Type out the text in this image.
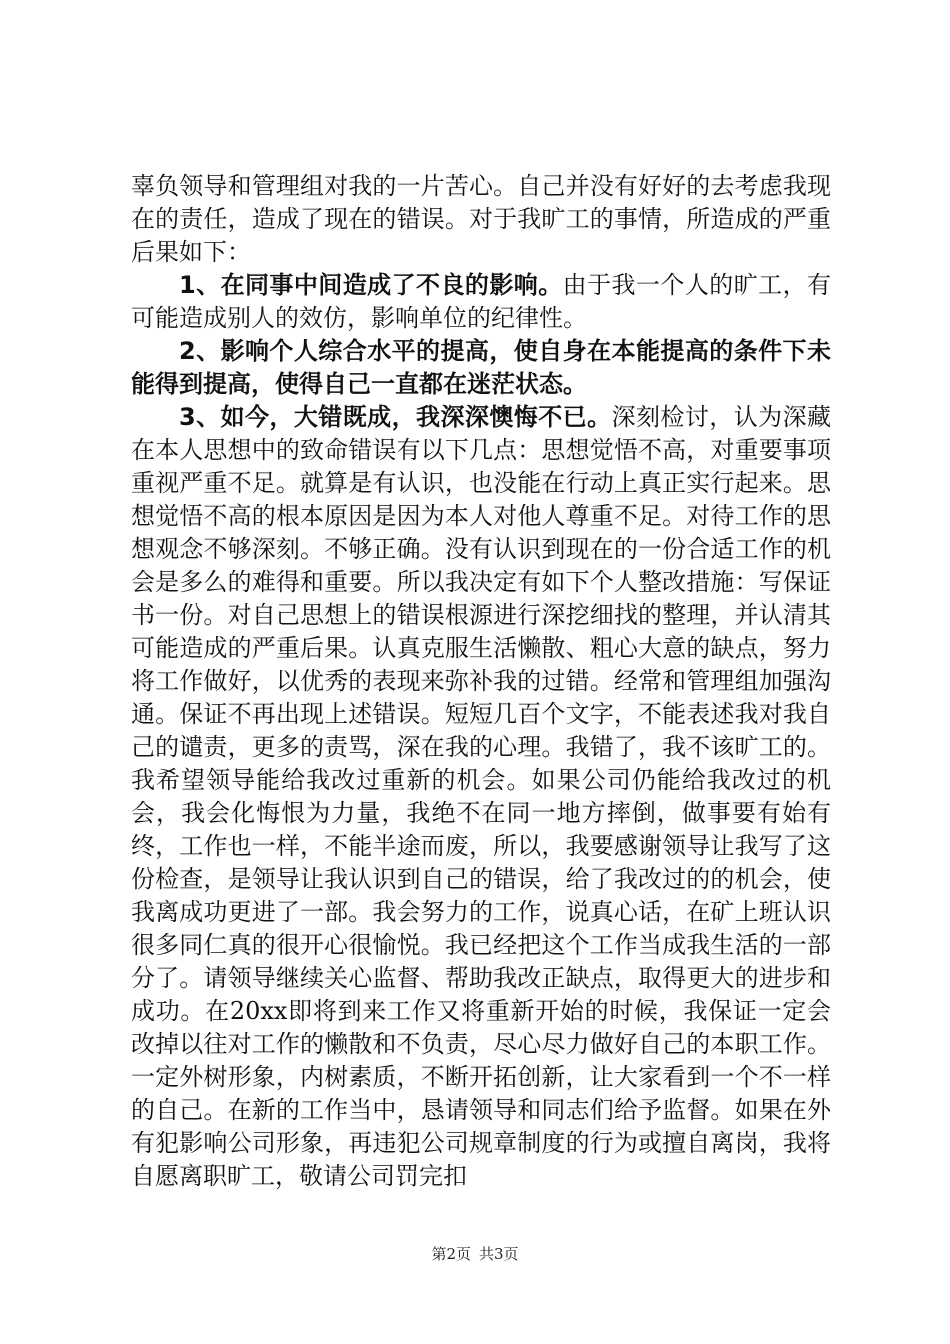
辜负领导和管理组对我的一片苦心。自己并没有好好的去考虑我现在的责任，造成了现在的错误。对于我旷工的事情，所造成的严重后果如下：

1、在同事中间造成了不良的影响。由于我一个人的旷工，有可能造成别人的效仿，影响单位的纪律性。

2、影响个人综合水平的提高，使自身在本能提高的条件下未能得到提高，使得自己一直都在迷茫状态。

3、如今，大错既成，我深深懊悔不已。深刻检讨，认为深藏在本人思想中的致命错误有以下几点：思想觉悟不高，对重要事项重视严重不足。就算是有认识，也没能在行动上真正实行起来。思想觉悟不高的根本原因是因为本人对他人尊重不足。对待工作的思想观念不够深刻。不够正确。没有认识到现在的一份合适工作的机会是多么的难得和重要。所以我决定有如下个人整改措施：写保证书一份。对自己思想上的错误根源进行深挖细找的整理，并认清其可能造成的严重后果。认真克服生活懒散、粗心大意的缺点，努力将工作做好，以优秀的表现来弥补我的过错。经常和管理组加强沟通。保证不再出现上述错误。短短几百个文字，不能表述我对我自己的谴责，更多的责骂，深在我的心理。我错了，我不该旷工的。我希望领导能给我改过重新的机会。如果公司仍能给我改过的机会，我会化悔恨为力量，我绝不在同一地方摔倒，做事要有始有终，工作也一样，不能半途而废，所以，我要感谢领导让我写了这份检查，是领导让我认识到自己的错误，给了我改过的的机会，使我离成功更进了一部。我会努力的工作，说真心话，在矿上班认识很多同仁真的很开心很愉悦。我已经把这个工作当成我生活的一部分了。请领导继续关心监督、帮助我改正缺点，取得更大的进步和成功。在20xx即将到来工作又将重新开始的时候，我保证一定会改掉以往对工作的懒散和不负责，尽心尽力做好自己的本职工作。一定外树形象，内树素质，不断开拓创新，让大家看到一个不一样的自己。在新的工作当中，恳请领导和同志们给予监督。如果在外有犯影响公司形象，再违犯公司规章制度的行为或擅自离岗，我将自愿离职旷工，敬请公司罚完扣

第2页 共3页
